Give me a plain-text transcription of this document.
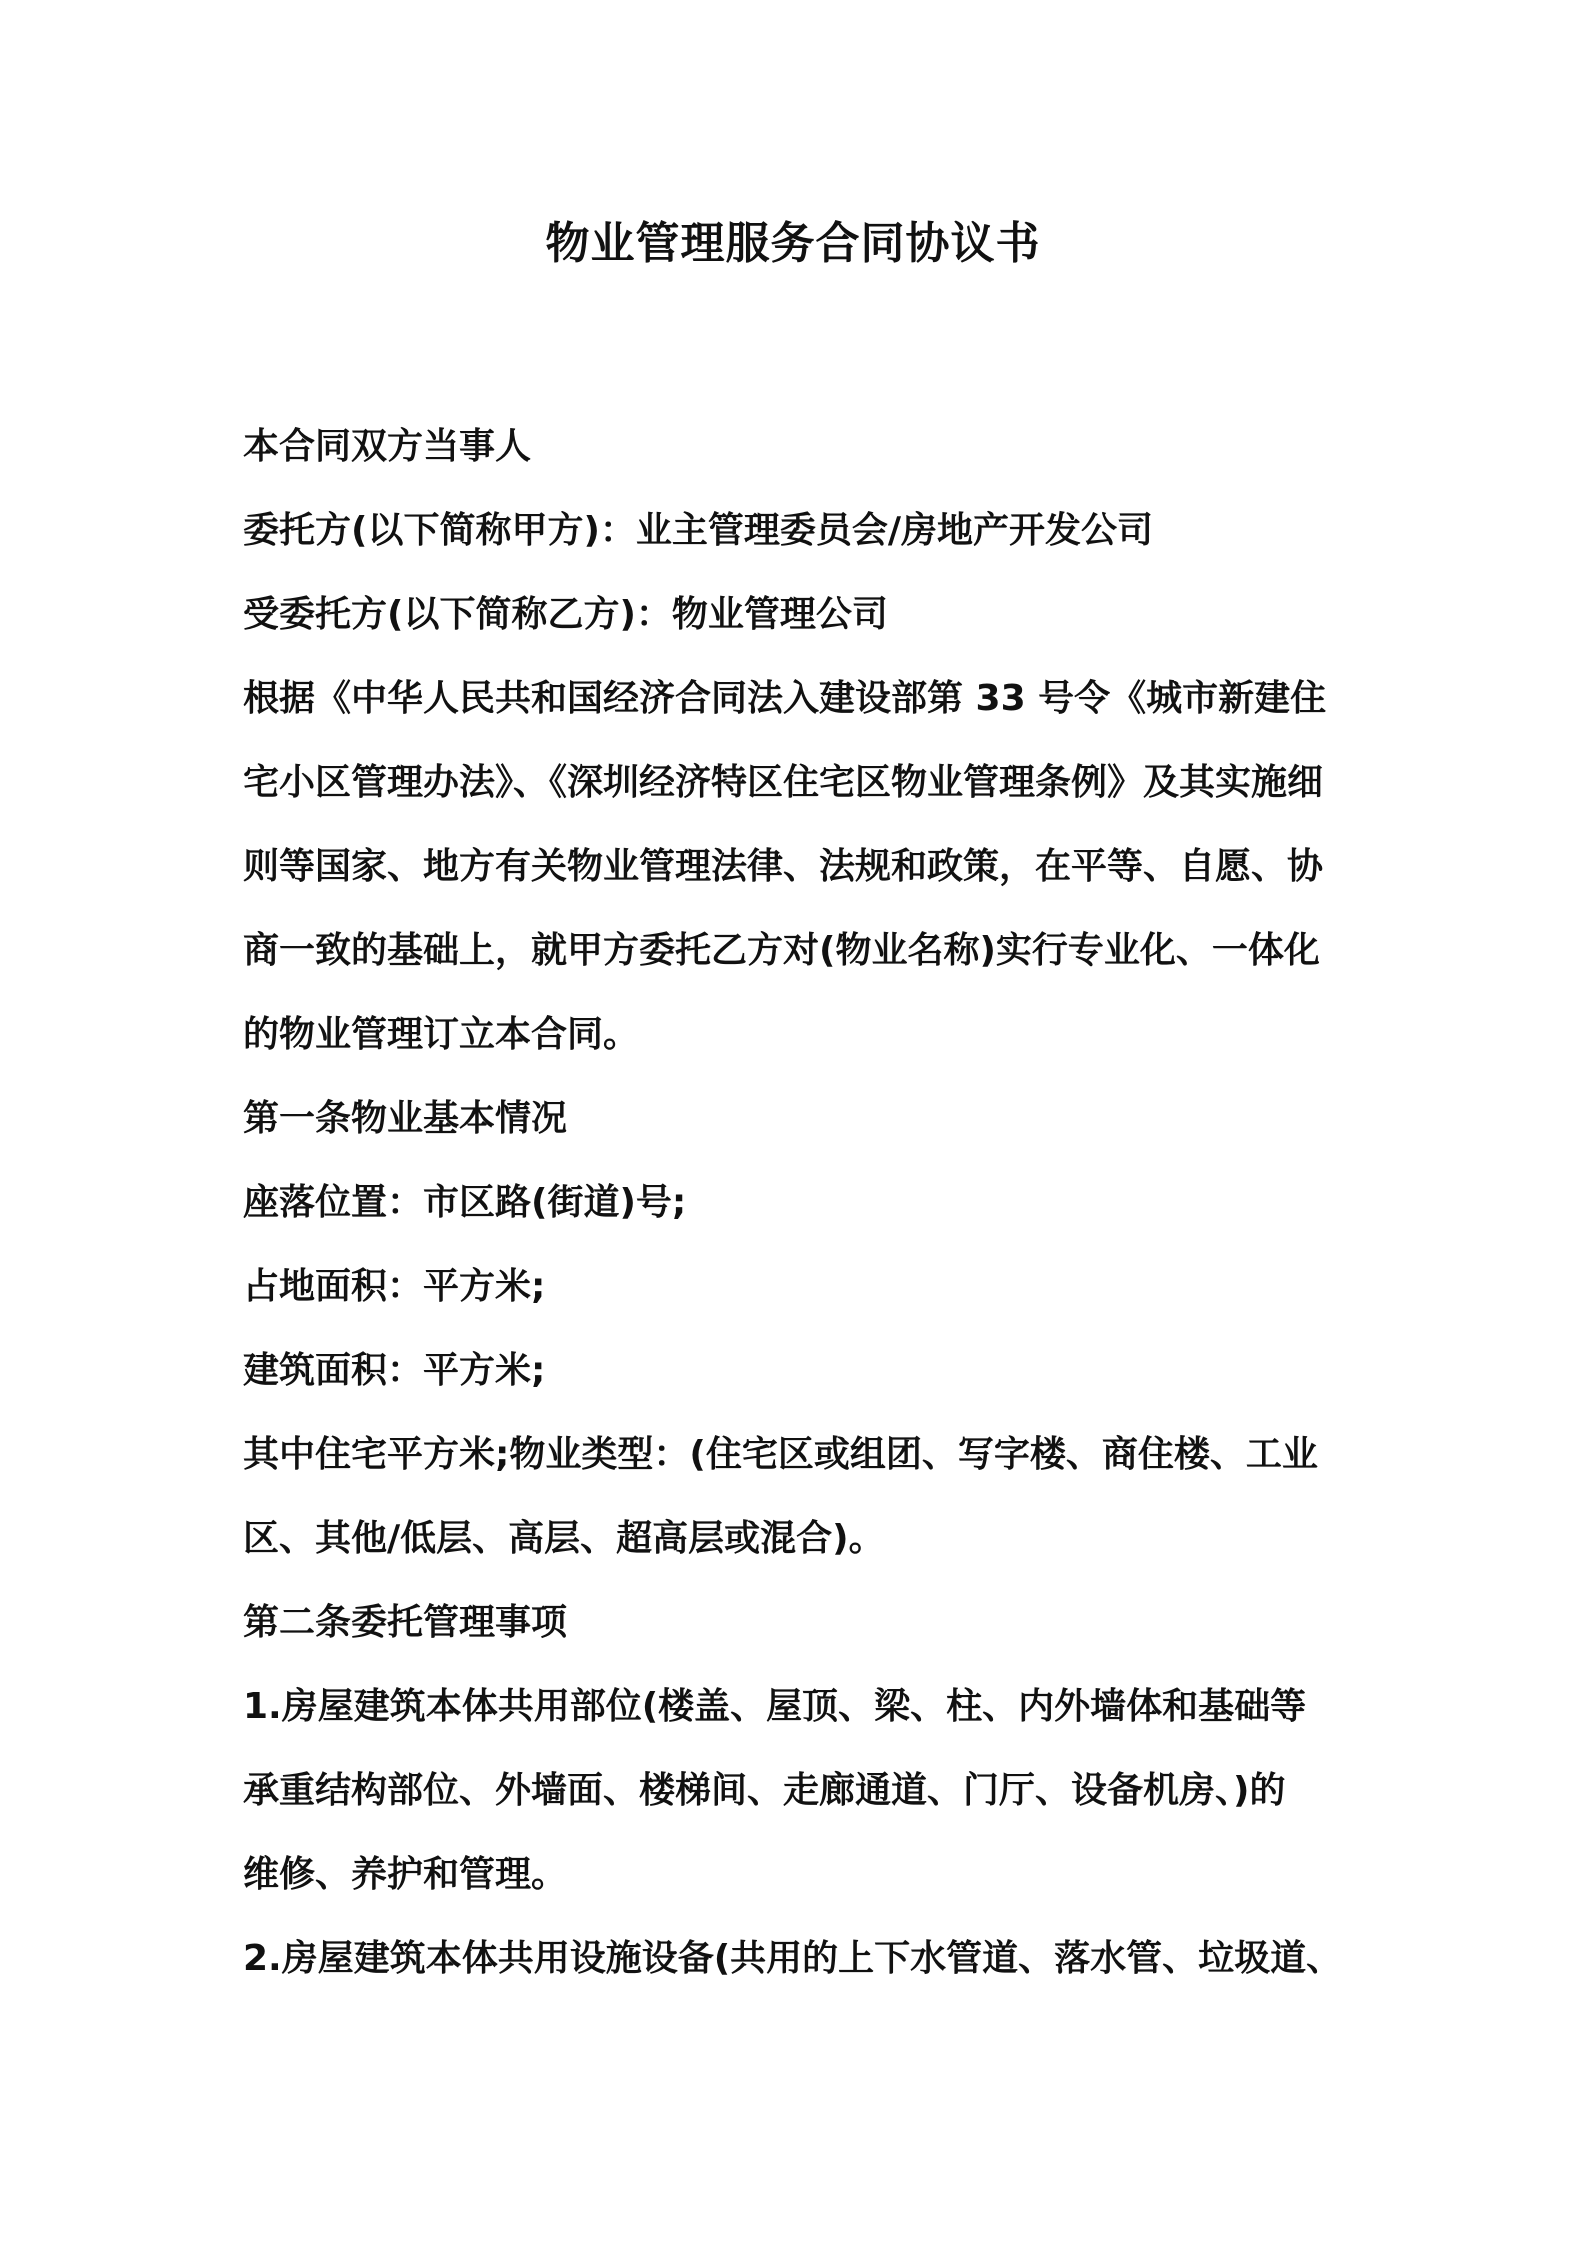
物业管理服务合同协议书

本合同双方当事人

委托方(以下简称甲方)：业主管理委员会/房地产开发公司

受委托方(以下简称乙方)：物业管理公司

根据《中华人民共和国经济合同法入建设部第 33 号令《城市新建住

宅小区管理办法》、《深圳经济特区住宅区物业管理条例》及其实施细

则等国家、地方有关物业管理法律、法规和政策，在平等、自愿、协

商一致的基础上，就甲方委托乙方对(物业名称)实行专业化、一体化

的物业管理订立本合同。

第一条物业基本情况

座落位置：市区路(街道)号;

占地面积：平方米;

建筑面积：平方米;

其中住宅平方米;物业类型：(住宅区或组团、写字楼、商住楼、工业

区、其他/低层、高层、超高层或混合)。

第二条委托管理事项

1.房屋建筑本体共用部位(楼盖、屋顶、梁、柱、内外墙体和基础等

承重结构部位、外墙面、楼梯间、走廊通道、门厅、设备机房、)的

维修、养护和管理。

2.房屋建筑本体共用设施设备(共用的上下水管道、落水管、垃圾道、
